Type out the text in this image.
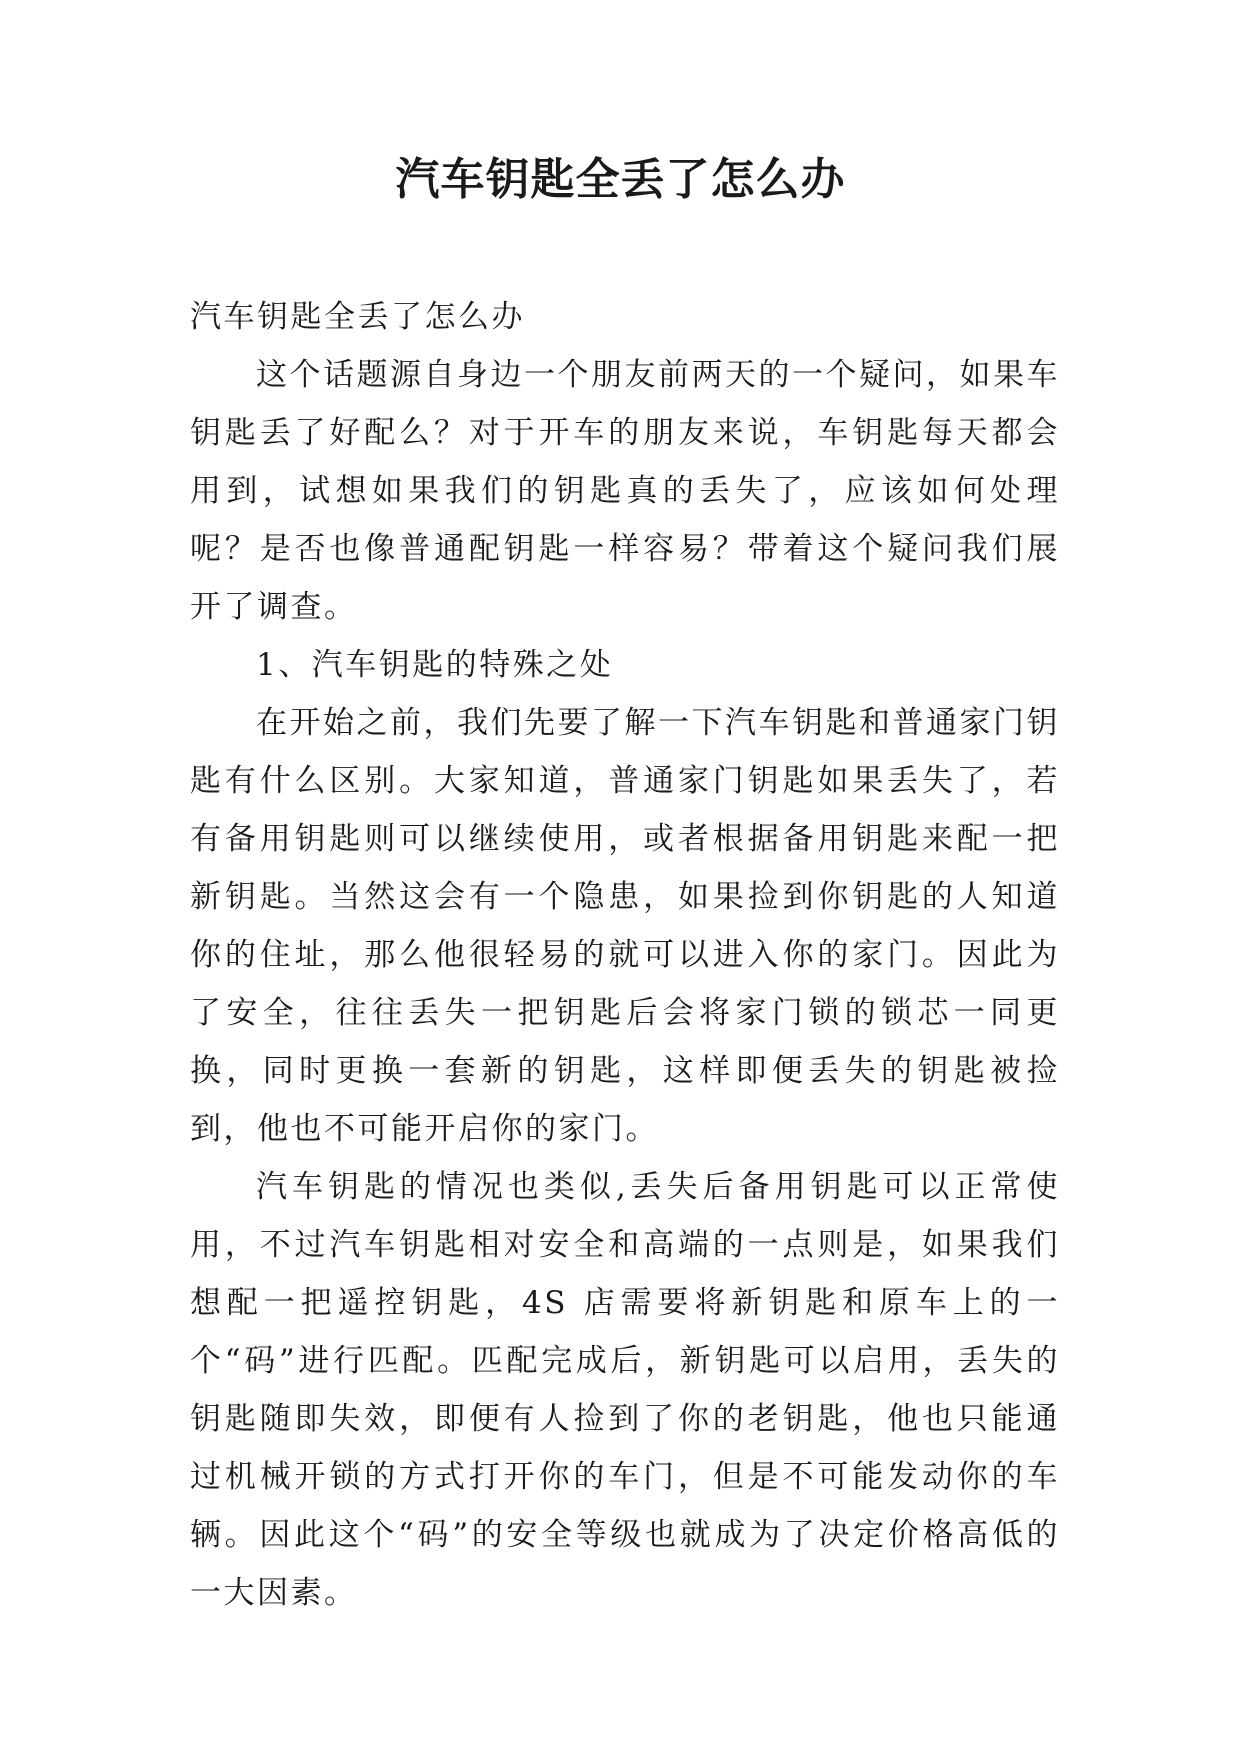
汽车钥匙全丢了怎么办

汽车钥匙全丢了怎么办

这个话题源自身边一个朋友前两天的一个疑问，如果车钥匙丢了好配么？对于开车的朋友来说，车钥匙每天都会用到，试想如果我们的钥匙真的丢失了，应该如何处理呢？是否也像普通配钥匙一样容易？带着这个疑问我们展开了调查。

1、汽车钥匙的特殊之处

在开始之前，我们先要了解一下汽车钥匙和普通家门钥匙有什么区别。大家知道，普通家门钥匙如果丢失了，若有备用钥匙则可以继续使用，或者根据备用钥匙来配一把新钥匙。当然这会有一个隐患，如果捡到你钥匙的人知道你的住址，那么他很轻易的就可以进入你的家门。因此为了安全，往往丢失一把钥匙后会将家门锁的锁芯一同更换，同时更换一套新的钥匙，这样即便丢失的钥匙被捡到，他也不可能开启你的家门。

汽车钥匙的情况也类似,丢失后备用钥匙可以正常使用，不过汽车钥匙相对安全和高端的一点则是，如果我们想配一把遥控钥匙，4S 店需要将新钥匙和原车上的一个“码”进行匹配。匹配完成后，新钥匙可以启用，丢失的钥匙随即失效，即便有人捡到了你的老钥匙，他也只能通过机械开锁的方式打开你的车门，但是不可能发动你的车辆。因此这个“码”的安全等级也就成为了决定价格高低的一大因素。
